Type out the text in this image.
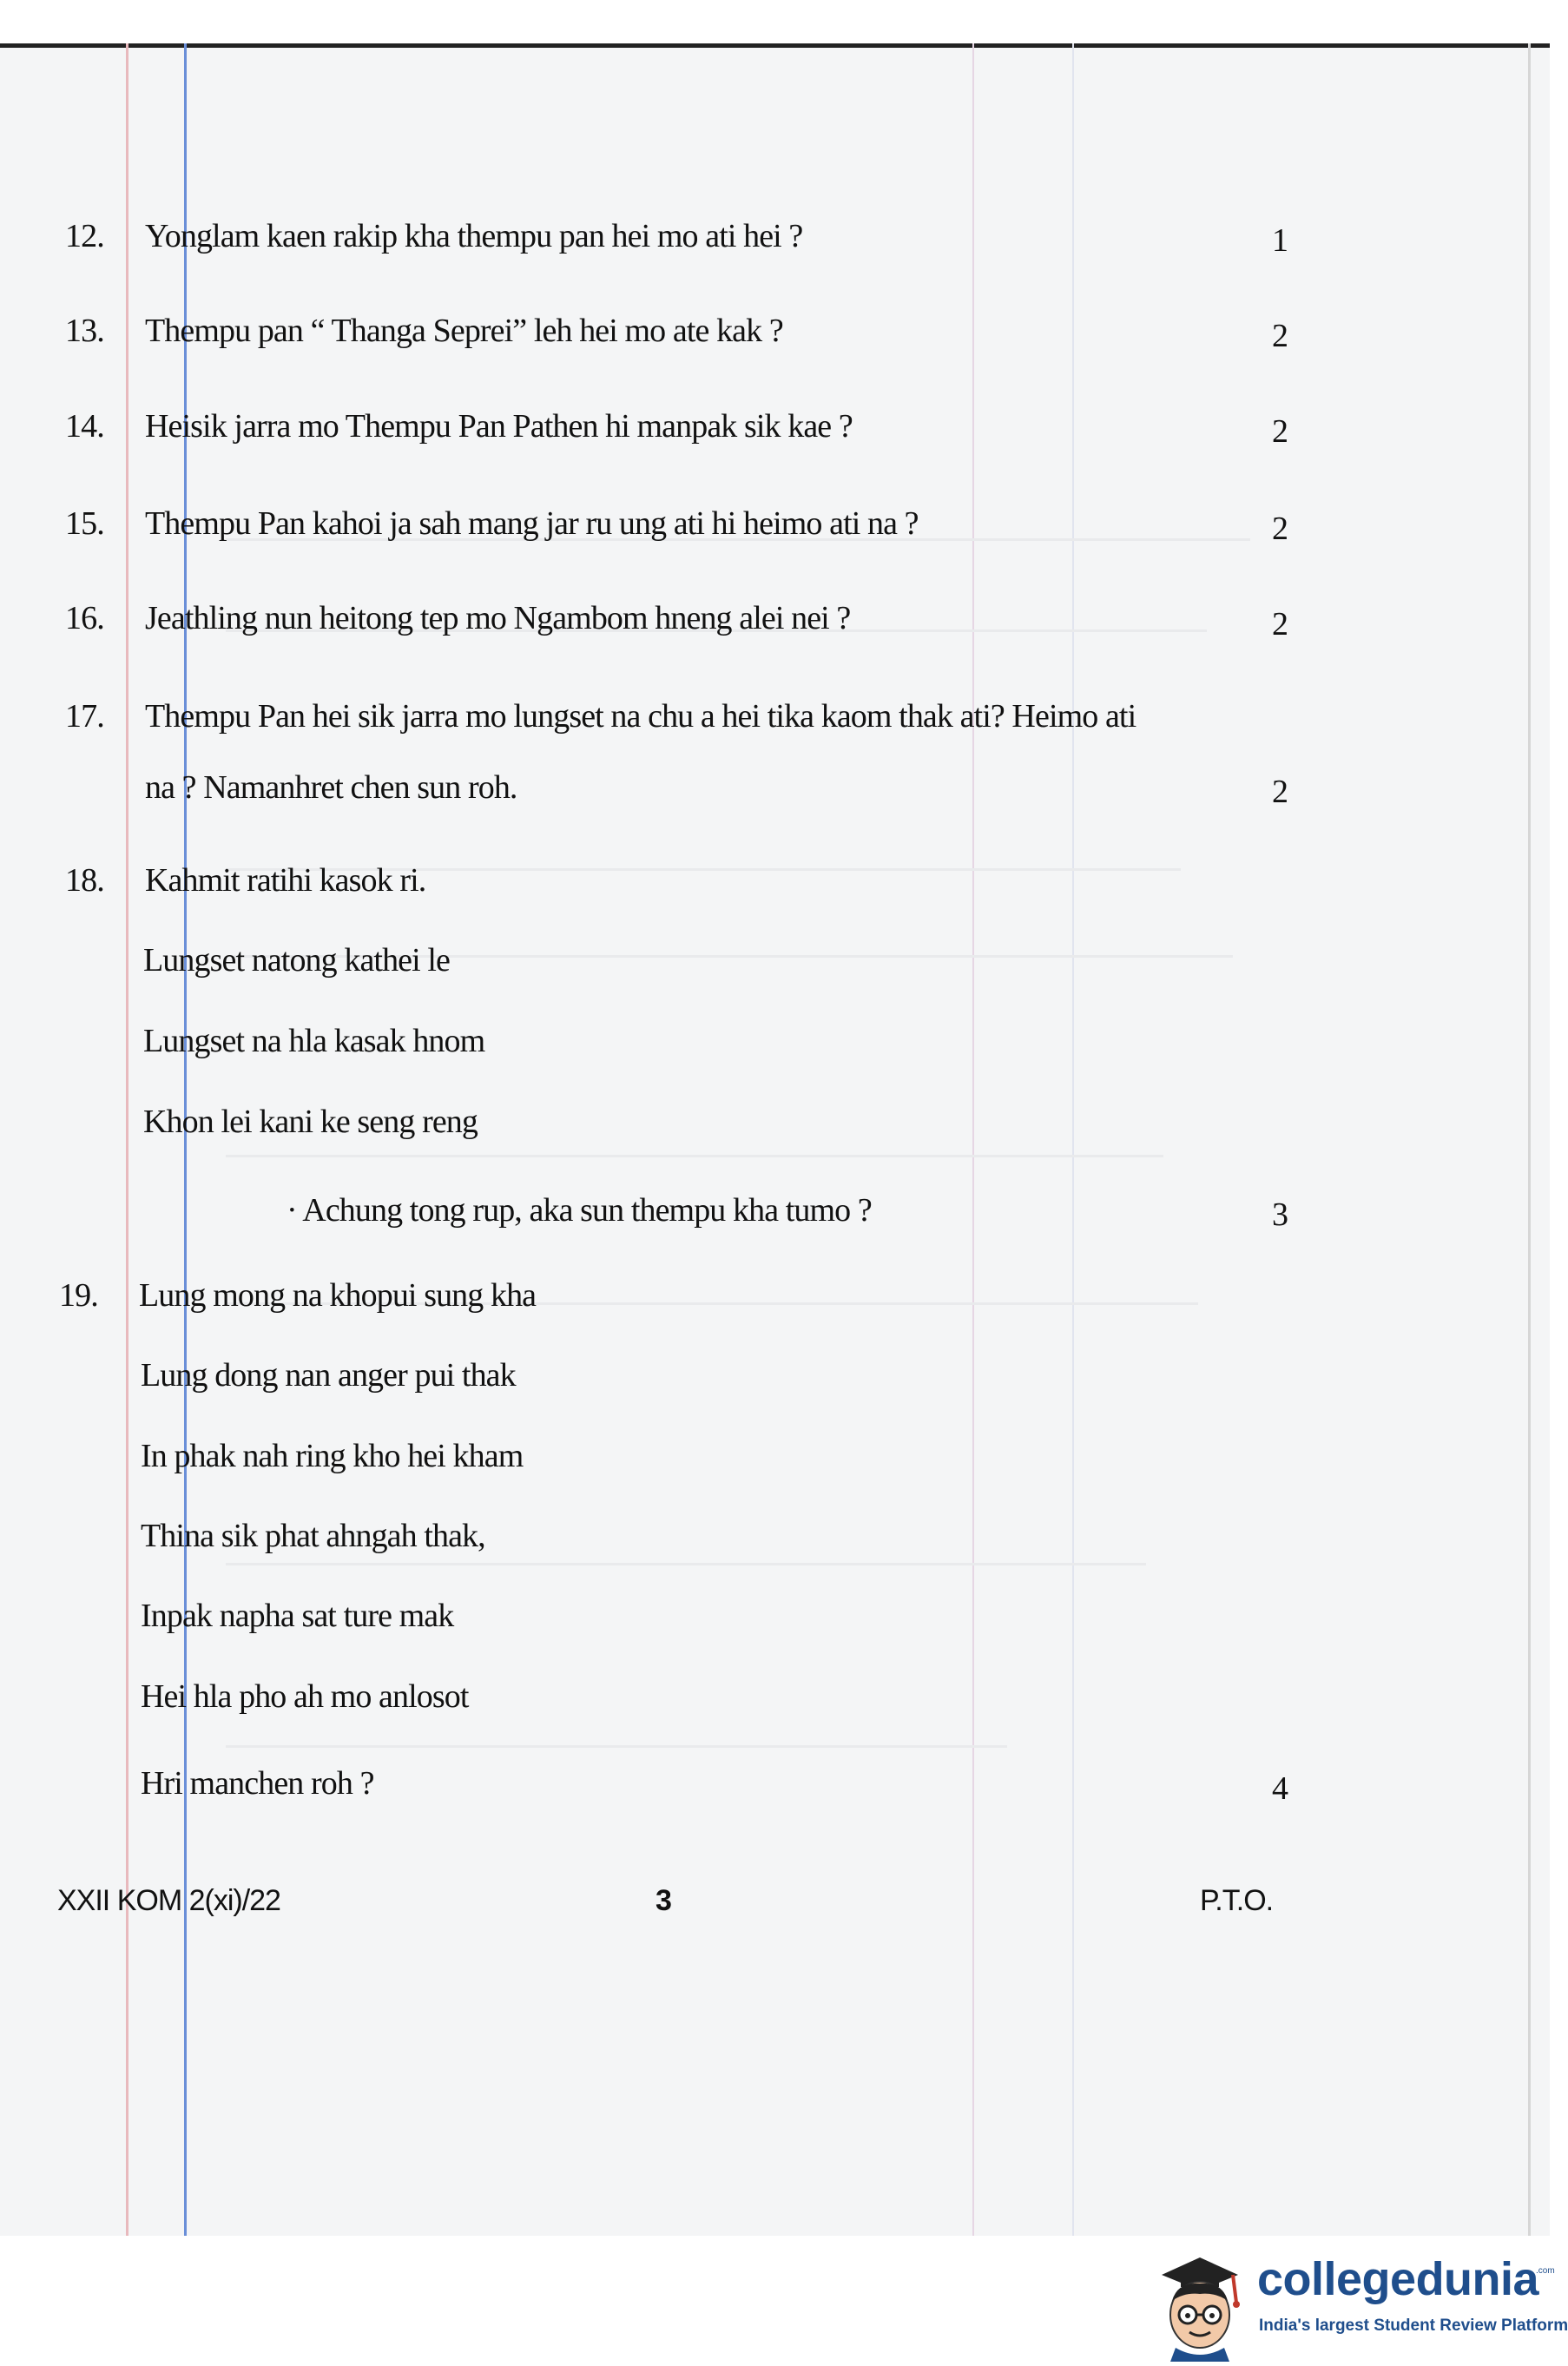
12. Yonglam kaen rakip kha thempu pan hei mo ati hei ?	1
13. Thempu pan “ Thanga Seprei” leh hei mo ate kak ?	2
14. Heisik jarra mo Thempu Pan Pathen hi manpak sik kae ?	2
15. Thempu Pan kahoi ja sah mang jar ru ung ati hi heimo ati na ?	2
16. Jeathling nun heitong tep mo Ngambom hneng alei nei ?	2
17. Thempu Pan hei sik jarra mo lungset na chu a hei tika kaom thak ati? Heimo ati
na ? Namanhret chen sun roh.	2
18. Kahmit ratihi kasok ri.
Lungset natong kathei le
Lungset na hla kasak hnom
Khon lei kani ke seng reng
· Achung tong rup, aka sun thempu kha tumo ?	3
19. Lung mong na khopui sung kha
Lung dong nan anger pui thak
In phak nah ring kho hei kham
Thina sik phat ahngah thak,
Inpak napha sat ture mak
Hei hla pho ah mo anlosot
Hri manchen roh ?	4
XXII KOM 2(xi)/22	3	P.T.O.
collegedunia
.com
India's largest Student Review Platform
